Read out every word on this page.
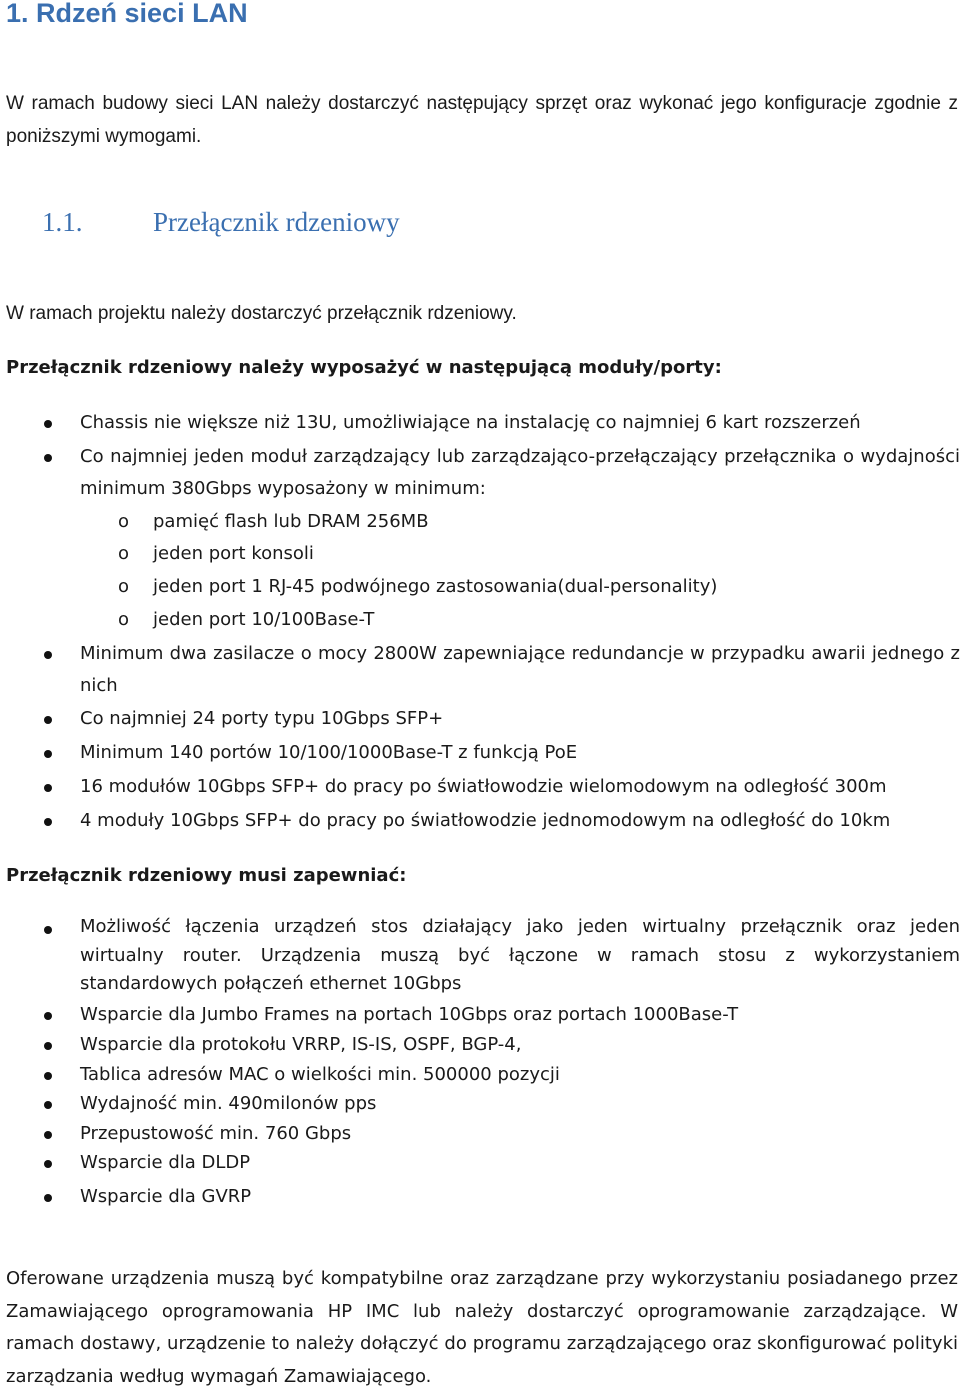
1. Rdzeń sieci LAN
W ramach budowy sieci LAN należy dostarczyć następujący sprzęt oraz wykonać jego konfiguracje zgodnie z poniższymi wymogami.
1.1.	Przełącznik rdzeniowy
W ramach projektu należy dostarczyć przełącznik rdzeniowy.
Przełącznik rdzeniowy należy wyposażyć w następującą moduły/porty:
Chassis nie większe niż 13U, umożliwiające na instalację co najmniej 6 kart rozszerzeń
Co najmniej jeden moduł zarządzający lub zarządzająco-przełączający przełącznika o wydajności minimum 380Gbps wyposażony w minimum:
o pamięć flash lub DRAM 256MB
o jeden port konsoli
o jeden port 1 RJ-45 podwójnego zastosowania(dual-personality)
o jeden port 10/100Base-T
Minimum dwa zasilacze o mocy 2800W zapewniające redundancje w przypadku awarii jednego z nich
Co najmniej 24 porty typu 10Gbps SFP+
Minimum 140 portów 10/100/1000Base-T z funkcją PoE
16 modułów 10Gbps SFP+ do pracy po światłowodzie wielomodowym na odległość 300m
4 moduły 10Gbps SFP+ do pracy po światłowodzie jednomodowym na odległość do 10km
Przełącznik rdzeniowy musi zapewniać:
Możliwość łączenia urządzeń stos działający jako jeden wirtualny przełącznik oraz jeden wirtualny router. Urządzenia muszą być łączone w ramach stosu z wykorzystaniem standardowych połączeń ethernet 10Gbps
Wsparcie dla Jumbo Frames na portach 10Gbps oraz portach 1000Base-T
Wsparcie dla protokołu VRRP, IS-IS, OSPF, BGP-4,
Tablica adresów MAC o wielkości min. 500000 pozycji
Wydajność min. 490milonów pps
Przepustowość min. 760 Gbps
Wsparcie dla DLDP
Wsparcie dla GVRP
Oferowane urządzenia muszą być kompatybilne oraz zarządzane przy wykorzystaniu posiadanego przez Zamawiającego oprogramowania HP IMC lub należy dostarczyć oprogramowanie zarządzające. W ramach dostawy, urządzenie to należy dołączyć do programu zarządzającego oraz skonfigurować polityki zarządzania według wymagań Zamawiającego.
